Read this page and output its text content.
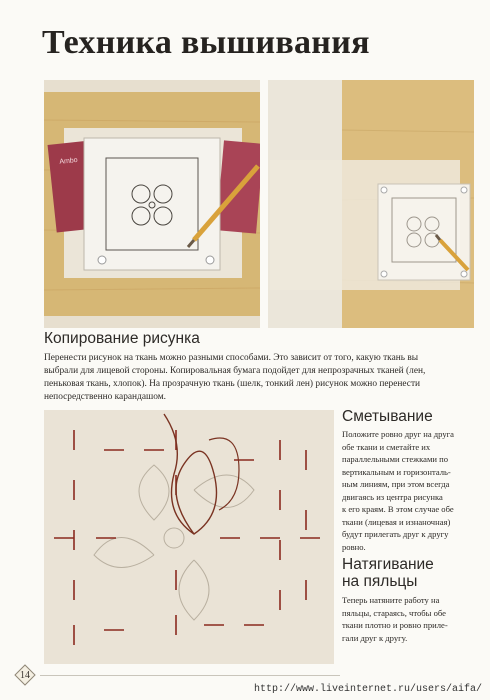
Техника вышивания
Ambo
Копирование рисунка
Перенести рисунок на ткань можно разными способами. Это зависит от того, какую ткань вы
выбрали для лицевой стороны. Копировальная бумага подойдет для непрозрачных тканей (лен,
пеньковая ткань, хлопок). На прозрачную ткань (шелк, тонкий лен) рисунок можно перенести
непосредственно карандашом.
Сметывание
Положите ровно друг на друга
обе ткани и сметайте их
параллельными стежками по
вертикальным и горизонталь-
ным линиям, при этом всегда
двигаясь из центра рисунка
к его краям. В этом случае обе
ткани (лицевая и изнаночная)
будут прилегать друг к другу
ровно.
Натягивание
на пяльцы
Теперь натяните работу на
пяльцы, стараясь, чтобы обе
ткани плотно и ровно приле-
гали друг к другу.
14
http://www.liveinternet.ru/users/aifa/
